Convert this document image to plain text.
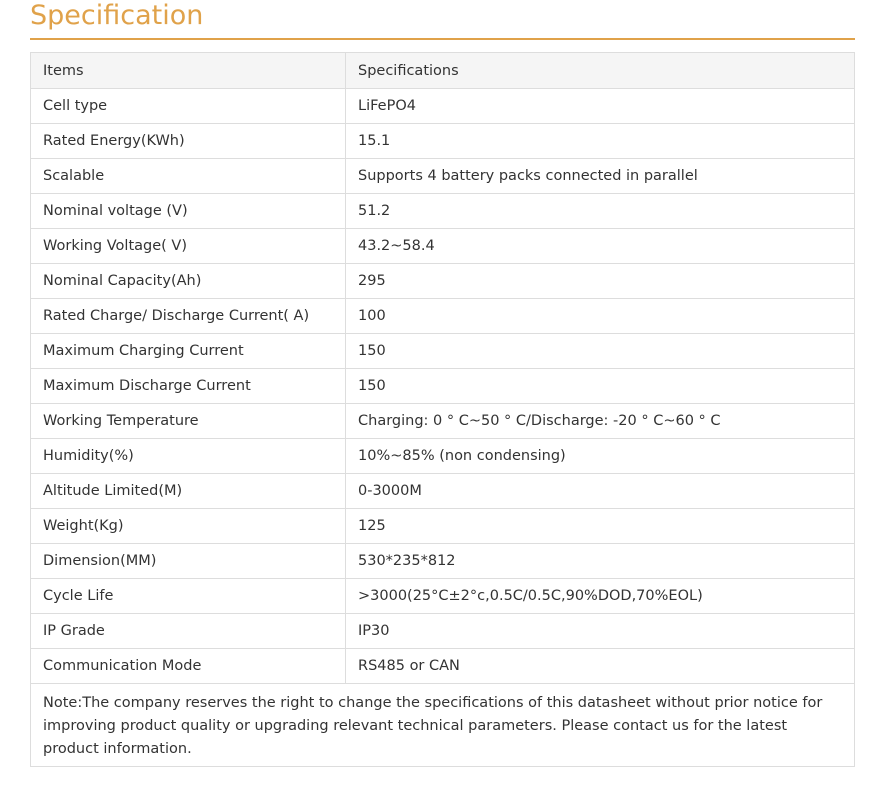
Specification
Items	Specifications
Cell type	LiFePO4
Rated Energy(KWh)	15.1
Scalable	Supports 4 battery packs connected in parallel
Nominal voltage (V)	51.2
Working Voltage( V)	43.2~58.4
Nominal Capacity(Ah)	295
Rated Charge/ Discharge Current( A)	100
Maximum Charging Current	150
Maximum Discharge Current	150
Working Temperature	Charging: 0 ° C~50 ° C/Discharge: -20 ° C~60 ° C
Humidity(%)	10%~85% (non condensing)
Altitude Limited(M)	0-3000M
Weight(Kg)	125
Dimension(MM)	530*235*812
Cycle Life	>3000(25°C±2°c,0.5C/0.5C,90%DOD,70%EOL)
IP Grade	IP30
Communication Mode	RS485 or CAN
Note:The company reserves the right to change the specifications of this datasheet without prior notice for improving product quality or upgrading relevant technical parameters. Please contact us for the latest product information.	
